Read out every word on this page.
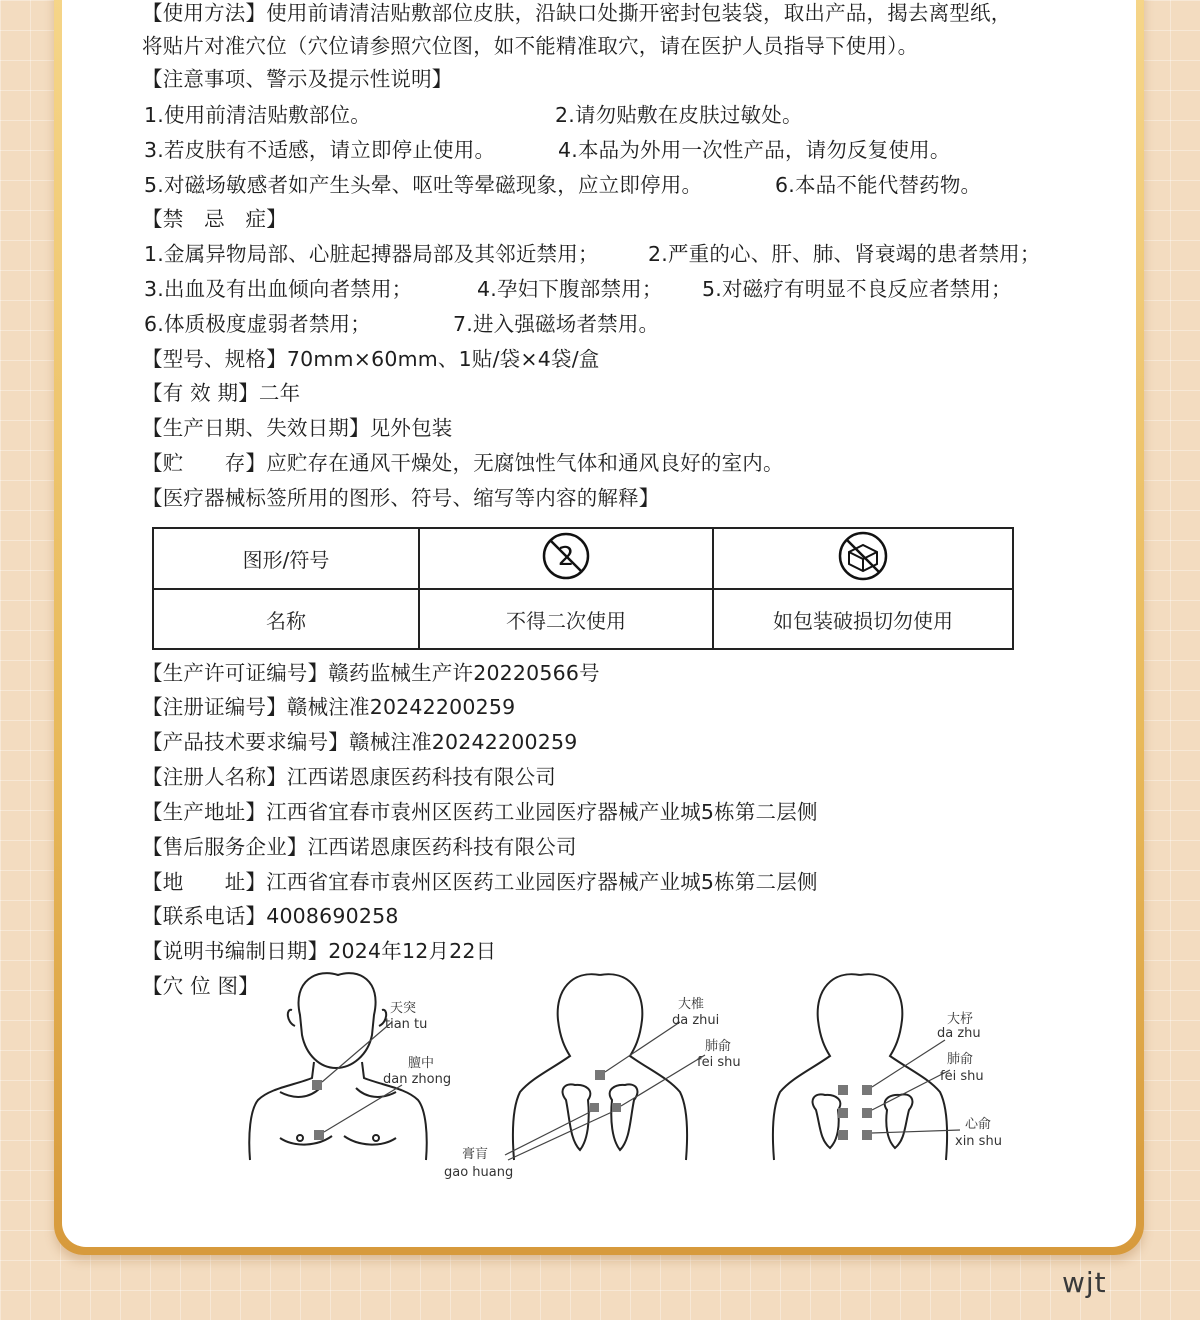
【使用方法】使用前请清洁贴敷部位皮肤，沿缺口处撕开密封包装袋，取出产品，揭去离型纸，
将贴片对准穴位（穴位请参照穴位图，如不能精准取穴，请在医护人员指导下使用）。
【注意事项、警示及提示性说明】
1.使用前清洁贴敷部位。	2.请勿贴敷在皮肤过敏处。
3.若皮肤有不适感，请立即停止使用。	4.本品为外用一次性产品，请勿反复使用。
5.对磁场敏感者如产生头晕、呕吐等晕磁现象，应立即停用。	6.本品不能代替药物。
【禁　忌　症】
1.金属异物局部、心脏起搏器局部及其邻近禁用； 2.严重的心、肝、肺、肾衰竭的患者禁用；
3.出血及有出血倾向者禁用；	4.孕妇下腹部禁用； 5.对磁疗有明显不良反应者禁用；
6.体质极度虚弱者禁用；	7.进入强磁场者禁用。
【型号、规格】70mm×60mm、1贴/袋×4袋/盒
【有 效 期】二年
【生产日期、失效日期】见外包装
【贮　　存】应贮存在通风干燥处，无腐蚀性气体和通风良好的室内。
【医疗器械标签所用的图形、符号、缩写等内容的解释】
【生产许可证编号】赣药监械生产许20220566号
【注册证编号】赣械注准20242200259
【产品技术要求编号】赣械注准20242200259
【注册人名称】江西诺恩康医药科技有限公司
【生产地址】江西省宜春市袁州区医药工业园医疗器械产业城5栋第二层侧
【售后服务企业】江西诺恩康医药科技有限公司
【地　　址】江西省宜春市袁州区医药工业园医疗器械产业城5栋第二层侧
【联系电话】4008690258
【说明书编制日期】2024年12月22日
【穴 位 图】
图形/符号	2

名称	不得二次使用	如包装破损切勿使用
天突
tian tu
膻中
dan zhong
大椎
da zhui
肺俞
fei shu
膏肓
gao huang
大杼
da zhu
肺俞
fei shu
心俞
xin shu
wjt
